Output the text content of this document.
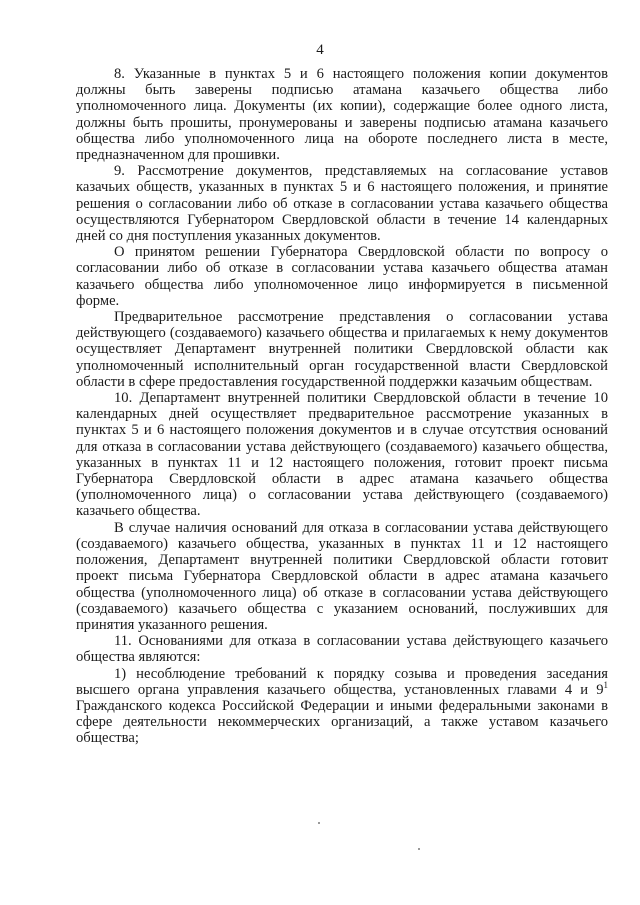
4

8. Указанные в пунктах 5 и 6 настоящего положения копии документов должны быть заверены подписью атамана казачьего общества либо уполномоченного лица. Документы (их копии), содержащие более одного листа, должны быть прошиты, пронумерованы и заверены подписью атамана казачьего общества либо уполномоченного лица на обороте последнего листа в месте, предназначенном для прошивки.

9. Рассмотрение документов, представляемых на согласование уставов казачьих обществ, указанных в пунктах 5 и 6 настоящего положения, и принятие решения о согласовании либо об отказе в согласовании устава казачьего общества осуществляются Губернатором Свердловской области в течение 14 календарных дней со дня поступления указанных документов.

О принятом решении Губернатора Свердловской области по вопросу о согласовании либо об отказе в согласовании устава казачьего общества атаман казачьего общества либо уполномоченное лицо информируется в письменной форме.

Предварительное рассмотрение представления о согласовании устава действующего (создаваемого) казачьего общества и прилагаемых к нему документов осуществляет Департамент внутренней политики Свердловской области как уполномоченный исполнительный орган государственной власти Свердловской области в сфере предоставления государственной поддержки казачьим обществам.

10. Департамент внутренней политики Свердловской области в течение 10 календарных дней осуществляет предварительное рассмотрение указанных в пунктах 5 и 6 настоящего положения документов и в случае отсутствия оснований для отказа в согласовании устава действующего (создаваемого) казачьего общества, указанных в пунктах 11 и 12 настоящего положения, готовит проект письма Губернатора Свердловской области в адрес атамана казачьего общества (уполномоченного лица) о согласовании устава действующего (создаваемого) казачьего общества.

В случае наличия оснований для отказа в согласовании устава действующего (создаваемого) казачьего общества, указанных в пунктах 11 и 12 настоящего положения, Департамент внутренней политики Свердловской области готовит проект письма Губернатора Свердловской области в адрес атамана казачьего общества (уполномоченного лица) об отказе в согласовании устава действующего (создаваемого) казачьего общества с указанием оснований, послуживших для принятия указанного решения.

11. Основаниями для отказа в согласовании устава действующего казачьего общества являются:

1) несоблюдение требований к порядку созыва и проведения заседания высшего органа управления казачьего общества, установленных главами 4 и $9^1$ Гражданского кодекса Российской Федерации и иными федеральными законами в сфере деятельности некоммерческих организаций, а также уставом казачьего общества;
